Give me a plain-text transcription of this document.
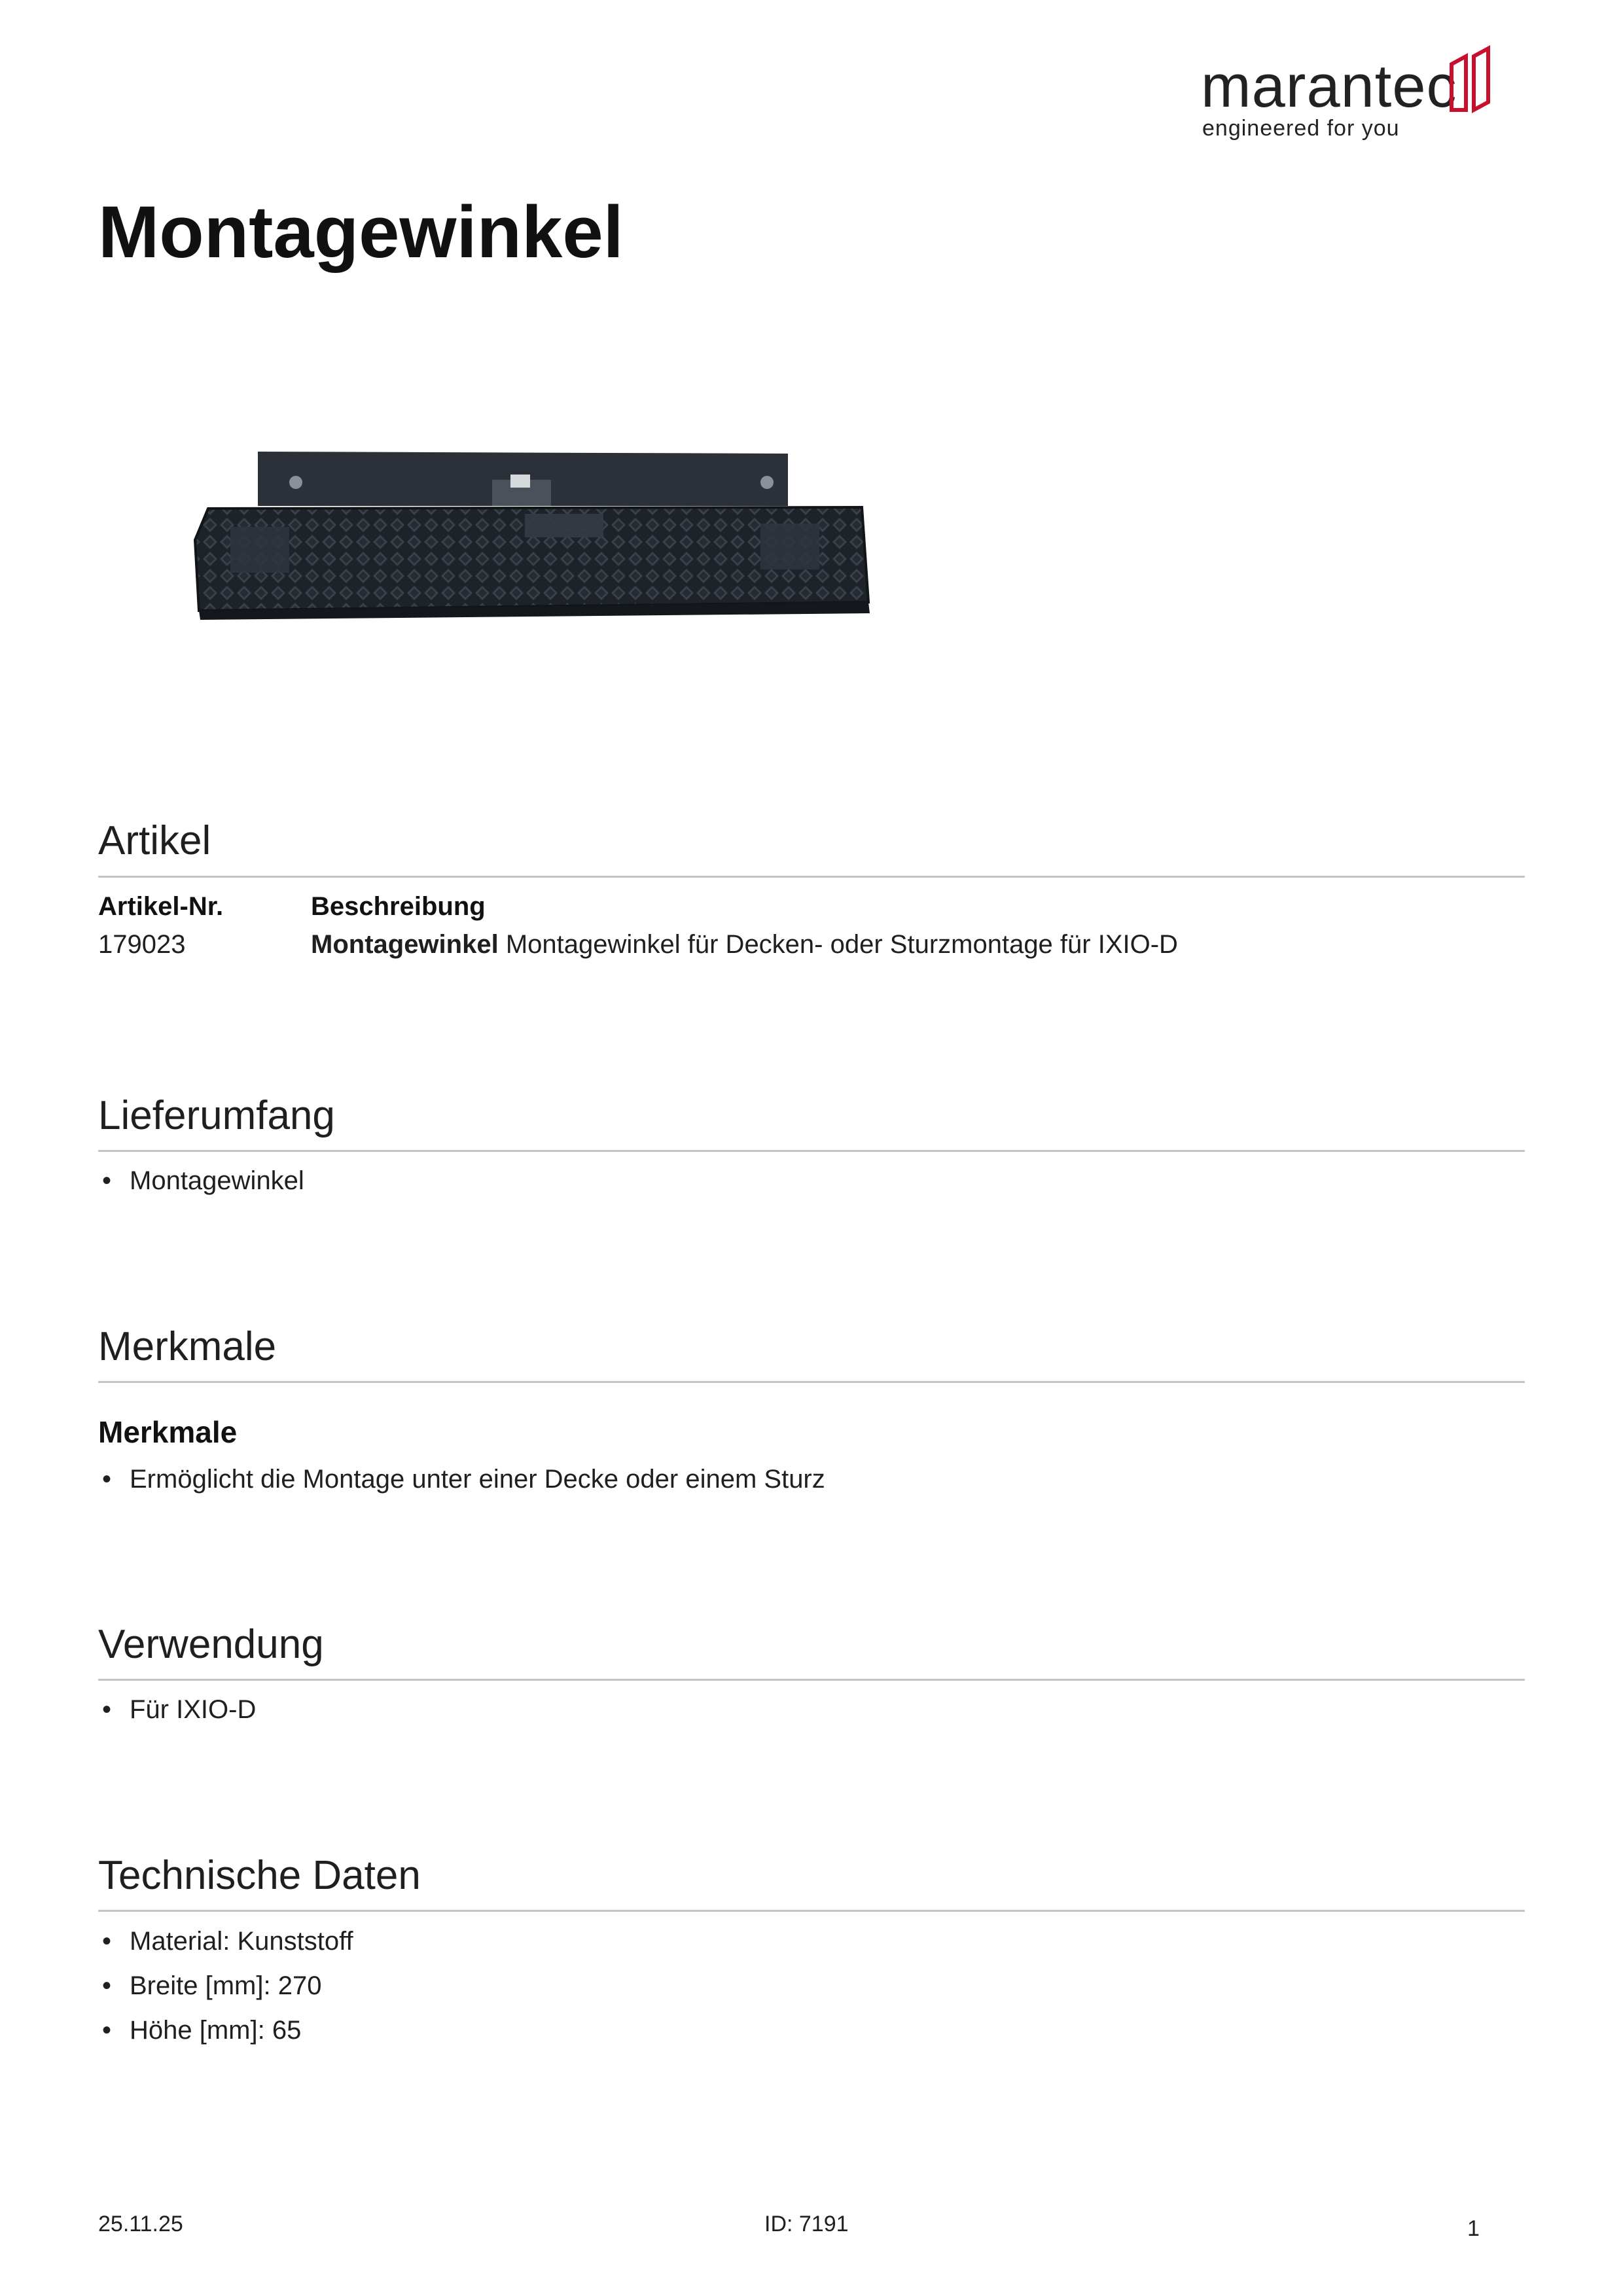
marantec
engineered for you
Montagewinkel
Artikel
Artikel-Nr.	Beschreibung
179023	Montagewinkel Montagewinkel für Decken- oder Sturzmontage für IXIO-D
Lieferumfang
• Montagewinkel
Merkmale
Merkmale
• Ermöglicht die Montage unter einer Decke oder einem Sturz
Verwendung
• Für IXIO-D
Technische Daten
• Material: Kunststoff
• Breite [mm]: 270
• Höhe [mm]: 65
25.11.25	ID: 7191	1
